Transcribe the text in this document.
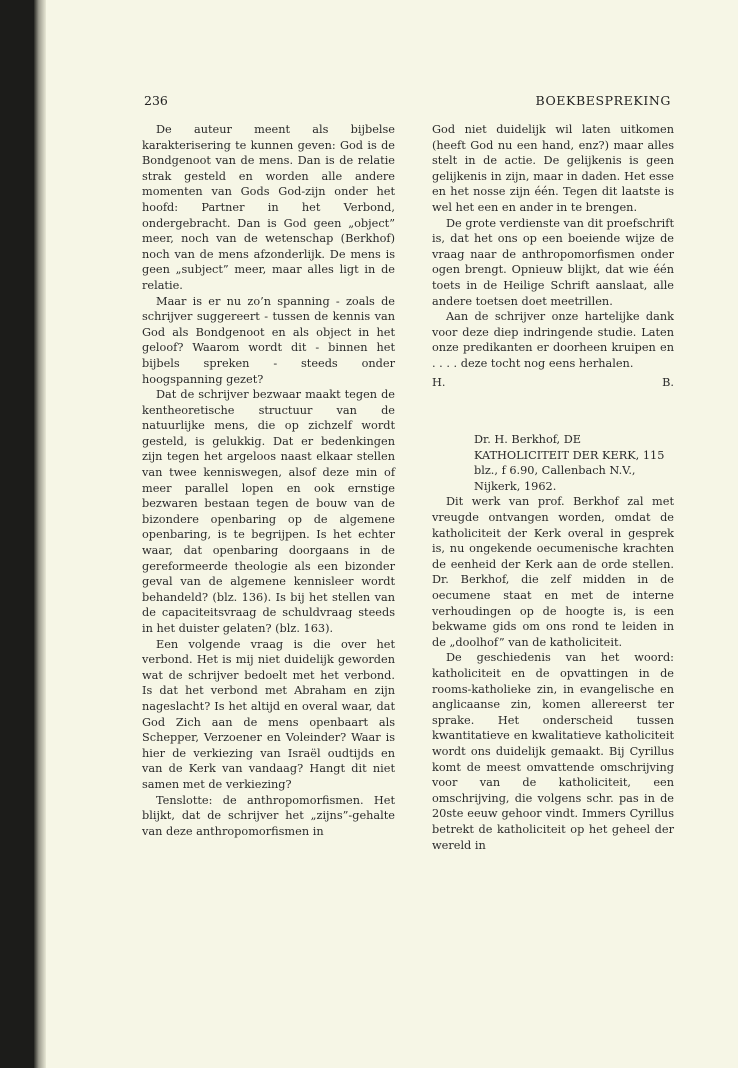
236	BOEKBESPREKING

De auteur meent als bijbelse karakterisering te kunnen geven: God is de Bondgenoot van de mens. Dan is de relatie strak gesteld en worden alle andere momenten van Gods God-zijn onder het hoofd: Partner in het Verbond, ondergebracht. Dan is God geen „object” meer, noch van de wetenschap (Berkhof) noch van de mens afzonderlijk. De mens is geen „subject” meer, maar alles ligt in de relatie.

Maar is er nu zo’n spanning - zoals de schrijver suggereert - tussen de kennis van God als Bondgenoot en als object in het geloof? Waarom wordt dit - binnen het bijbels spreken - steeds onder hoogspanning gezet?

Dat de schrijver bezwaar maakt tegen de kentheoretische structuur van de natuurlijke mens, die op zichzelf wordt gesteld, is gelukkig. Dat er bedenkingen zijn tegen het argeloos naast elkaar stellen van twee kenniswegen, alsof deze min of meer parallel lopen en ook ernstige bezwaren bestaan tegen de bouw van de bizondere openbaring op de algemene openbaring, is te begrijpen. Is het echter waar, dat openbaring doorgaans in de gereformeerde theologie als een bizonder geval van de algemene kennisleer wordt behandeld? (blz. 136). Is bij het stellen van de capaciteitsvraag de schuldvraag steeds in het duister gelaten? (blz. 163).

Een volgende vraag is die over het verbond. Het is mij niet duidelijk geworden wat de schrijver bedoelt met het verbond. Is dat het verbond met Abraham en zijn nageslacht? Is het altijd en overal waar, dat God Zich aan de mens openbaart als Schepper, Verzoener en Voleinder? Waar is hier de verkiezing van Israël oudtijds en van de Kerk van vandaag? Hangt dit niet samen met de verkiezing?

Tenslotte: de anthropomorfismen. Het blijkt, dat de schrijver het „zijns”-gehalte van deze anthropomorfismen in

God niet duidelijk wil laten uitkomen (heeft God nu een hand, enz?) maar alles stelt in de actie. De gelijkenis is geen gelijkenis in zijn, maar in daden. Het esse en het nosse zijn één. Tegen dit laatste is wel het een en ander in te brengen.

De grote verdienste van dit proefschrift is, dat het ons op een boeiende wijze de vraag naar de anthropomorfismen onder ogen brengt. Opnieuw blijkt, dat wie één toets in de Heilige Schrift aanslaat, alle andere toetsen doet meetrillen.

Aan de schrijver onze hartelijke dank voor deze diep indringende studie. Laten onze predikanten er doorheen kruipen en . . . . deze tocht nog eens herhalen.

H.	B.

Dr. H. Berkhof, DE KATHOLICITEIT DER KERK, 115 blz., f 6.90, Callenbach N.V., Nijkerk, 1962.

Dit werk van prof. Berkhof zal met vreugde ontvangen worden, omdat de katholiciteit der Kerk overal in gesprek is, nu ongekende oecumenische krachten de eenheid der Kerk aan de orde stellen. Dr. Berkhof, die zelf midden in de oecumene staat en met de interne verhoudingen op de hoogte is, is een bekwame gids om ons rond te leiden in de „doolhof” van de katholiciteit.

De geschiedenis van het woord: katholiciteit en de opvattingen in de rooms-katholieke zin, in evangelische en anglicaanse zin, komen allereerst ter sprake. Het onderscheid tussen kwantitatieve en kwalitatieve katholiciteit wordt ons duidelijk gemaakt. Bij Cyrillus komt de meest omvattende omschrijving voor van de katholiciteit, een omschrijving, die volgens schr. pas in de 20ste eeuw gehoor vindt. Immers Cyrillus betrekt de katholiciteit op het geheel der wereld in
